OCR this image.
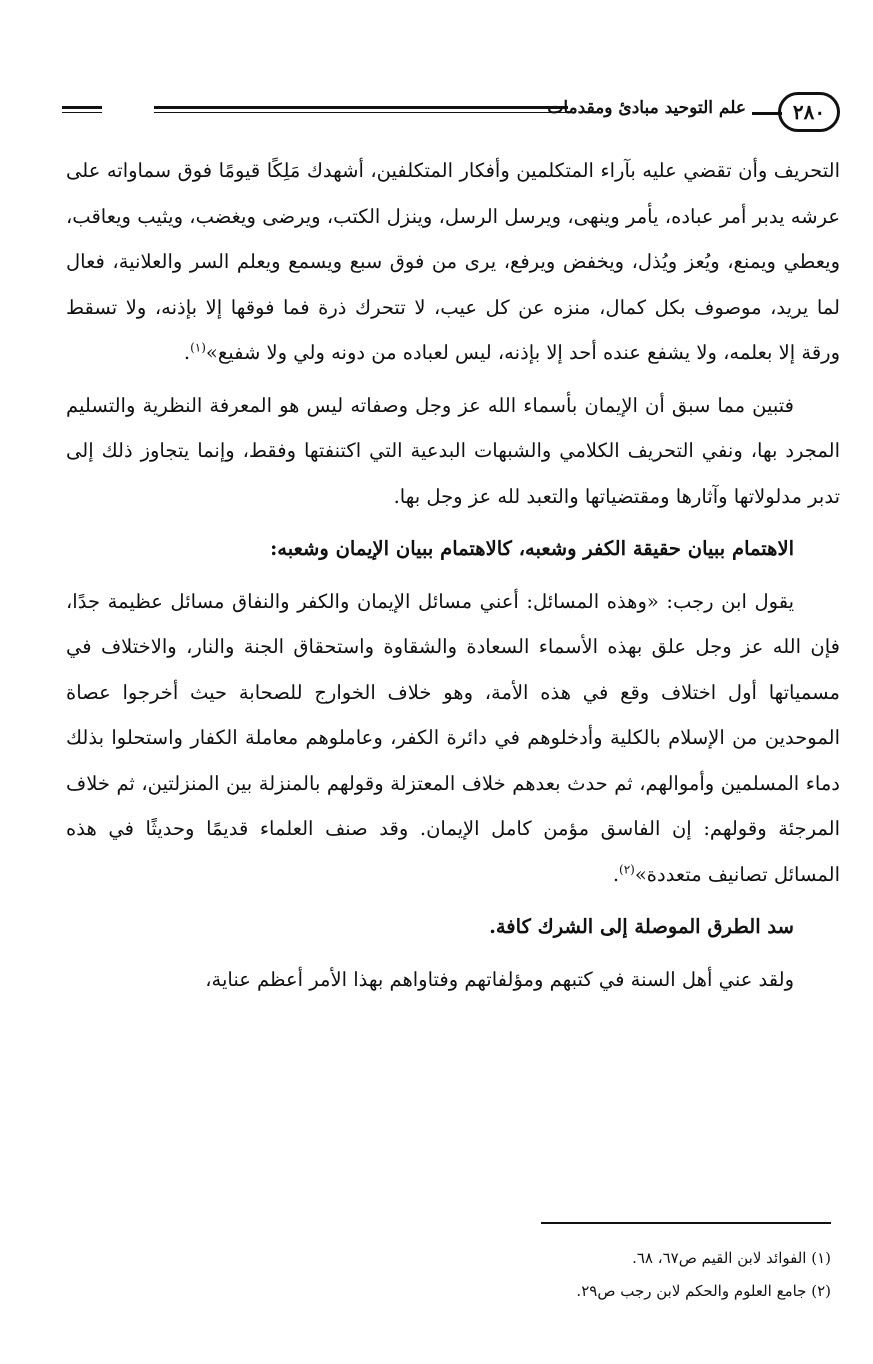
٢٨٠
علم التوحيد مبادئ ومقدمات

التحريف وأن تقضي عليه بآراء المتكلمين وأفكار المتكلفين، أشهدك مَلِكًا قيومًا فوق سماواته على عرشه يدبر أمر عباده، يأمر وينهى، ويرسل الرسل، وينزل الكتب، ويرضى ويغضب، ويثيب ويعاقب، ويعطي ويمنع، ويُعز ويُذل، ويخفض ويرفع، يرى من فوق سبع ويسمع ويعلم السر والعلانية، فعال لما يريد، موصوف بكل كمال، منزه عن كل عيب، لا تتحرك ذرة فما فوقها إلا بإذنه، ولا تسقط ورقة إلا بعلمه، ولا يشفع عنده أحد إلا بإذنه، ليس لعباده من دونه ولي ولا شفيع»$^{(١)}$.

فتبين مما سبق أن الإيمان بأسماء الله عز وجل وصفاته ليس هو المعرفة النظرية والتسليم المجرد بها، ونفي التحريف الكلامي والشبهات البدعية التي اكتنفتها وفقط، وإنما يتجاوز ذلك إلى تدبر مدلولاتها وآثارها ومقتضياتها والتعبد لله عز وجل بها.

الاهتمام ببيان حقيقة الكفر وشعبه، كالاهتمام ببيان الإيمان وشعبه:

يقول ابن رجب: «وهذه المسائل: أعني مسائل الإيمان والكفر والنفاق مسائل عظيمة جدًا، فإن الله عز وجل علق بهذه الأسماء السعادة والشقاوة واستحقاق الجنة والنار، والاختلاف في مسمياتها أول اختلاف وقع في هذه الأمة، وهو خلاف الخوارج للصحابة حيث أخرجوا عصاة الموحدين من الإسلام بالكلية وأدخلوهم في دائرة الكفر، وعاملوهم معاملة الكفار واستحلوا بذلك دماء المسلمين وأموالهم، ثم حدث بعدهم خلاف المعتزلة وقولهم بالمنزلة بين المنزلتين، ثم خلاف المرجئة وقولهم: إن الفاسق مؤمن كامل الإيمان. وقد صنف العلماء قديمًا وحديثًا في هذه المسائل تصانيف متعددة»$^{(٢)}$.

سد الطرق الموصلة إلى الشرك كافة.

ولقد عني أهل السنة في كتبهم ومؤلفاتهم وفتاواهم بهذا الأمر أعظم عناية،

(١) الفوائد لابن القيم ص٦٧، ٦٨.
(٢) جامع العلوم والحكم لابن رجب ص٢٩.
